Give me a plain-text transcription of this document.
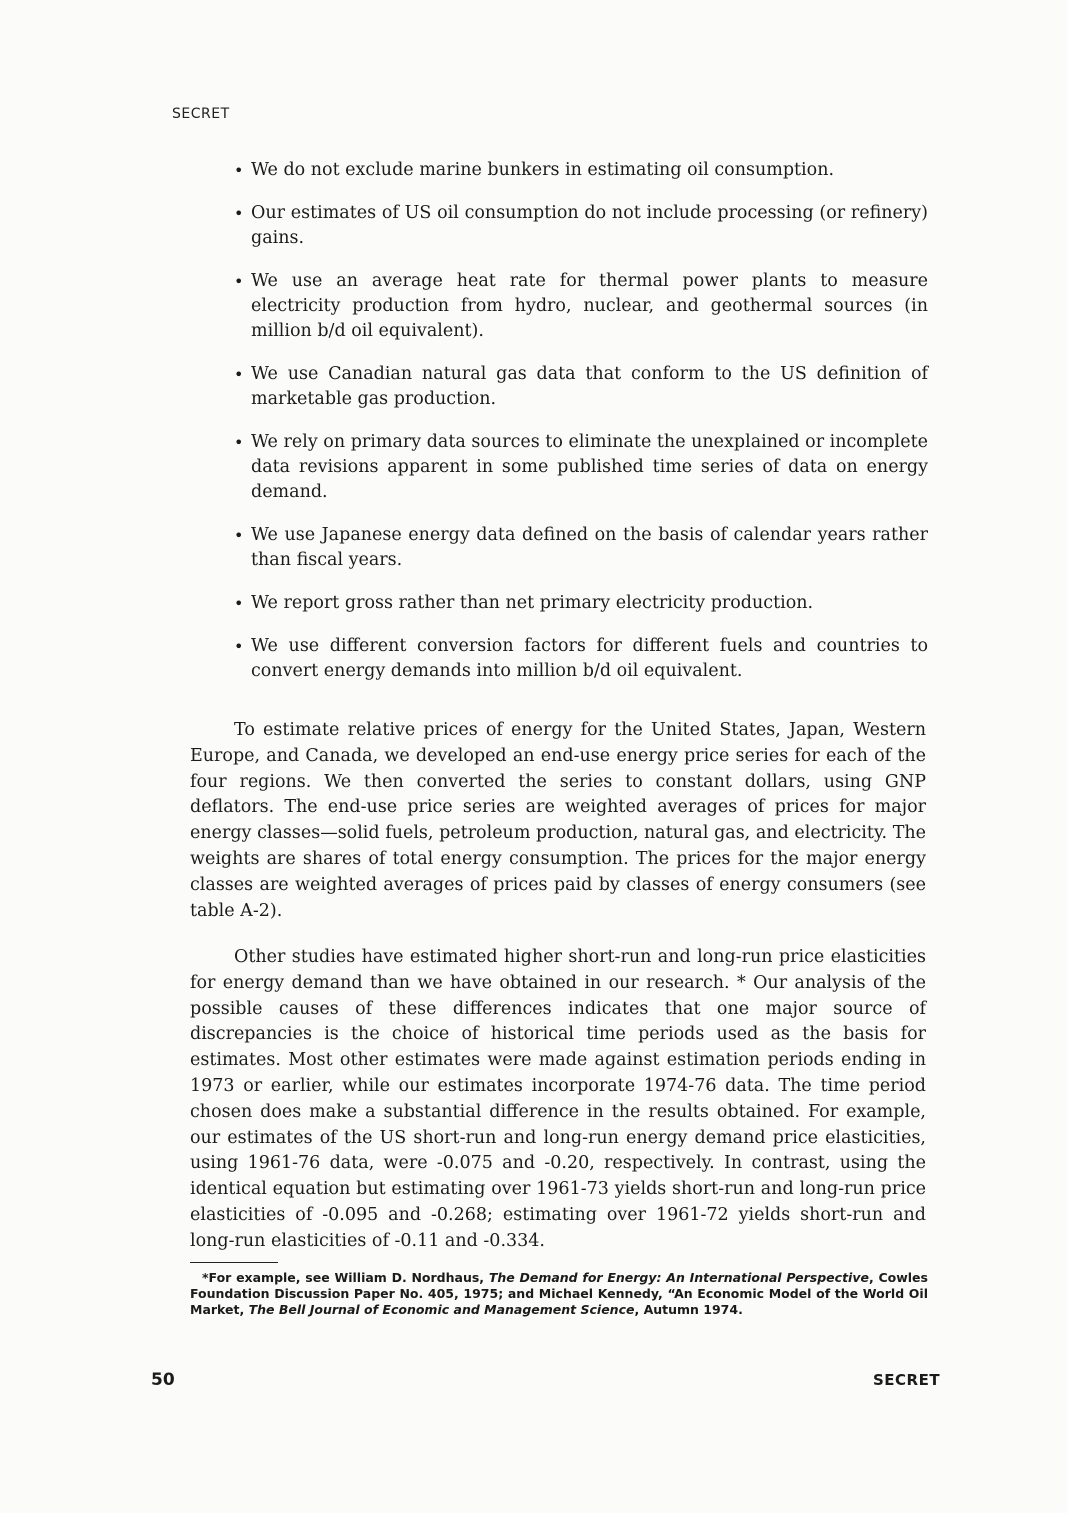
SECRET
• We do not exclude marine bunkers in estimating oil consumption.
• Our estimates of US oil consumption do not include processing (or refinery) gains.
• We use an average heat rate for thermal power plants to measure electricity production from hydro, nuclear, and geothermal sources (in million b/d oil equivalent).
• We use Canadian natural gas data that conform to the US definition of marketable gas production.
• We rely on primary data sources to eliminate the unexplained or incomplete data revisions apparent in some published time series of data on energy demand.
• We use Japanese energy data defined on the basis of calendar years rather than fiscal years.
• We report gross rather than net primary electricity production.
• We use different conversion factors for different fuels and countries to convert energy demands into million b/d oil equivalent.

To estimate relative prices of energy for the United States, Japan, Western Europe, and Canada, we developed an end-use energy price series for each of the four regions. We then converted the series to constant dollars, using GNP deflators. The end-use price series are weighted averages of prices for major energy classes—solid fuels, petroleum production, natural gas, and electricity. The weights are shares of total energy consumption. The prices for the major energy classes are weighted averages of prices paid by classes of energy consumers (see table A-2).

Other studies have estimated higher short-run and long-run price elasticities for energy demand than we have obtained in our research. * Our analysis of the possible causes of these differences indicates that one major source of discrepancies is the choice of historical time periods used as the basis for estimates. Most other estimates were made against estimation periods ending in 1973 or earlier, while our estimates incorporate 1974-76 data. The time period chosen does make a substantial difference in the results obtained. For example, our estimates of the US short-run and long-run energy demand price elasticities, using 1961-76 data, were -0.075 and -0.20, respectively. In contrast, using the identical equation but estimating over 1961-73 yields short-run and long-run price elasticities of -0.095 and -0.268; estimating over 1961-72 yields short-run and long-run elasticities of -0.11 and -0.334.

*For example, see William D. Nordhaus, The Demand for Energy: An International Perspective, Cowles Foundation Discussion Paper No. 405, 1975; and Michael Kennedy, “An Economic Model of the World Oil Market, The Bell Journal of Economic and Management Science, Autumn 1974.

50	SECRET
